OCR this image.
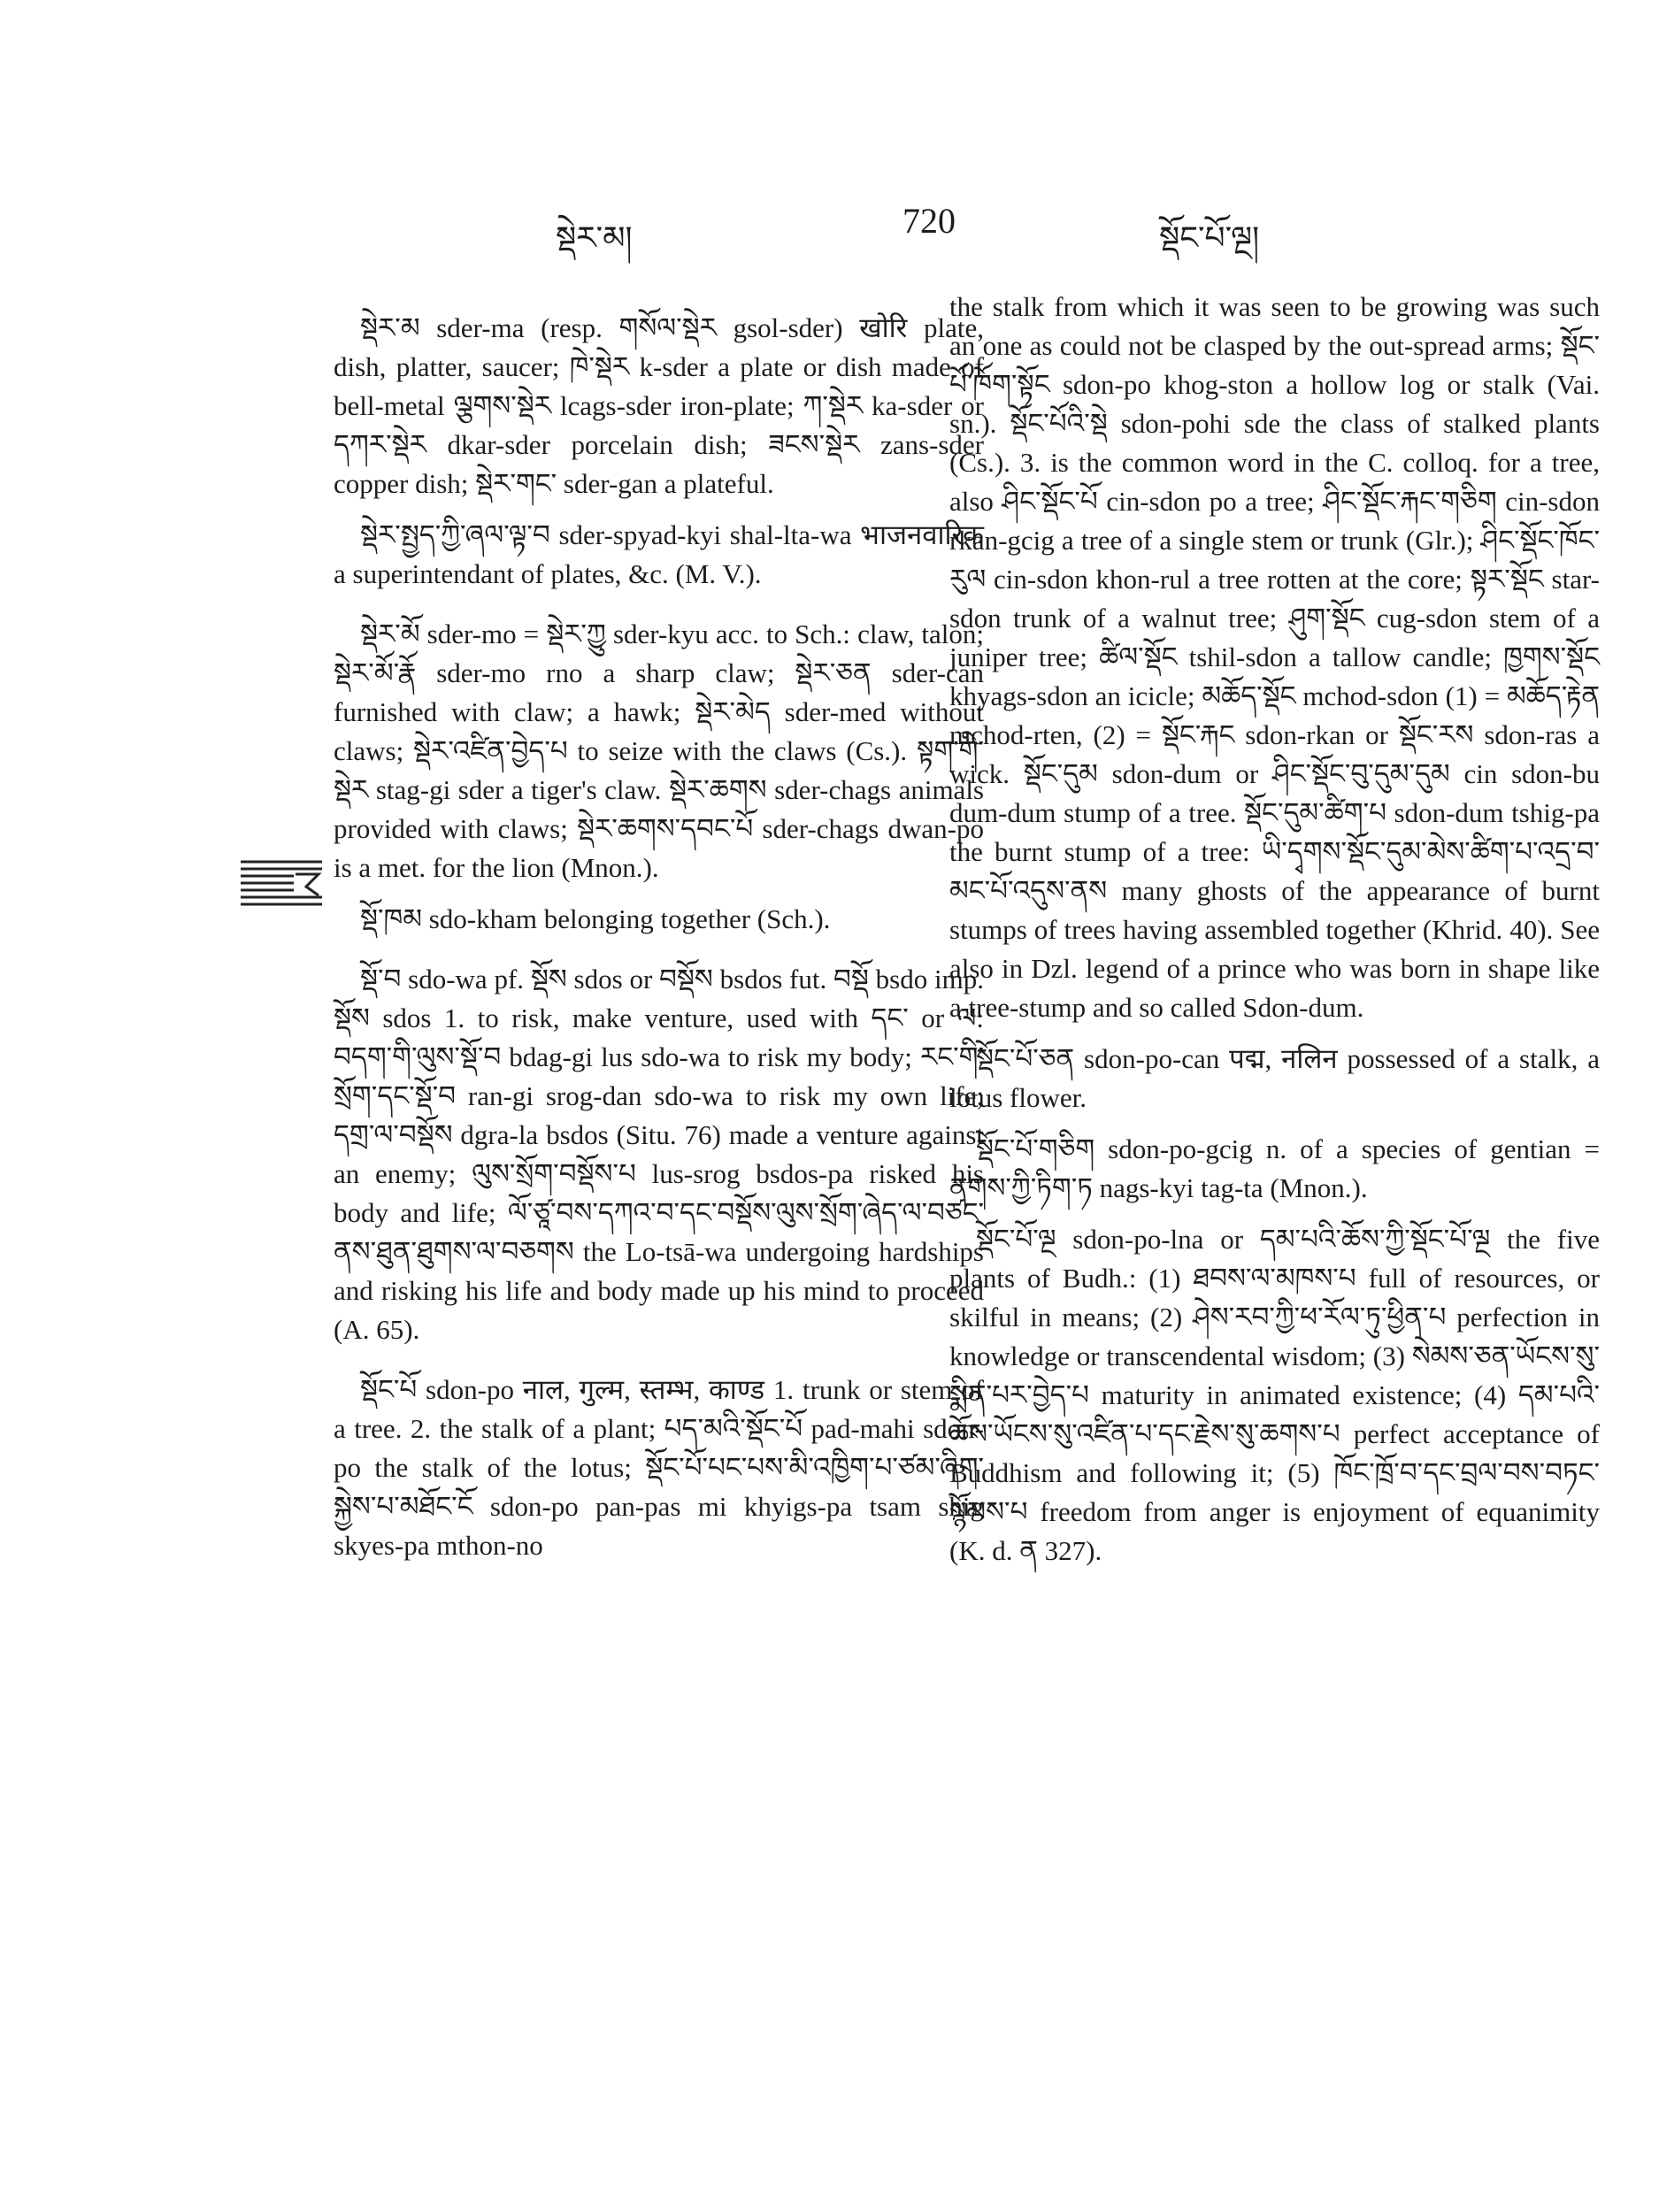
སྡེར་མ།	720	སྡོང་པོ་ལྔ།

སྡེར་མ sder-ma (resp. གསོལ་སྡེར gsol-sder) खोरि plate, dish, platter, saucer; ཁེ་སྡེར k-sder a plate or dish made of bell-metal ལྕགས་སྡེར lcags-sder iron-plate; ཀ་སྡེར ka-sder or དཀར་སྡེར dkar-sder porcelain dish; ཟངས་སྡེར zans-sder copper dish; སྡེར་གང་ sder-gan a plateful.

སྡེར་སྤྱད་ཀྱི་ཞལ་ལྟ་བ sder-spyad-kyi shal-lta-wa भाजनवारिक a superintendant of plates, &c. (M. V.).

སྡེར་མོ sder-mo = སྡེར་ཀྱུ sder-kyu acc. to Sch.: claw, talon; སྡེར་མོ་རྣོ sder-mo rno a sharp claw; སྡེར་ཅན sder-can furnished with claw; a hawk; སྡེར་མེད sder-med without claws; སྡེར་འཛིན་བྱེད་པ to seize with the claws (Cs.). སྟག་གི་སྡེར stag-gi sder a tiger's claw. སྡེར་ཆགས sder-chags animals provided with claws; སྡེར་ཆགས་དབང་པོ sder-chags dwan-po is a met. for the lion (Mnon.).

སྡོ་ཁམ sdo-kham belonging together (Sch.).

སྡོ་བ sdo-wa pf. སྡོས sdos or བསྡོས bsdos fut. བསྡོ bsdo imp. སྡོས sdos 1. to risk, make venture, used with དང་ or ལ: བདག་གི་ལུས་སྡོ་བ bdag-gi lus sdo-wa to risk my body; རང་གི་སྲོག་དང་སྡོ་བ ran-gi srog-dan sdo-wa to risk my own life; དགྲ་ལ་བསྡོས dgra-la bsdos (Situ. 76) made a venture against an enemy; ལུས་སྲོག་བསྡོས་པ lus-srog bsdos-pa risked his body and life; ལོ་ཙཱ་བས་དཀའ་བ་དང་བསྡོས་ལུས་སྲོག་ཞེད་ལ་བཙང་ནས་ཐུན་ཐུགས་ལ་བཅགས the Lo-tsā-wa undergoing hardships and risking his life and body made up his mind to proceed (A. 65).

སྡོང་པོ sdon-po नाल, गुल्म, स्तम्भ, काण्ड 1. trunk or stem of a tree. 2. the stalk of a plant; པད་མའི་སྡོང་པོ pad-mahi sdon-po the stalk of the lotus; སྡོང་པོ་པང་པས་མི་འཁྱིག་པ་ཙམ་ཞིག་སྐྱེས་པ་མཐོང་ངོ sdon-po pan-pas mi khyigs-pa tsam shig skyes-pa mthon-no

the stalk from which it was seen to be growing was such an one as could not be clasped by the out-spread arms; སྡོང་པོ་ཁོག་སྟོང sdon-po khog-ston a hollow log or stalk (Vai. sn.). སྡོང་པོའི་སྡེ sdon-pohi sde the class of stalked plants (Cs.). 3. is the common word in the C. colloq. for a tree, also ཤིང་སྡོང་པོ cin-sdon po a tree; ཤིང་སྡོང་རྐང་གཅིག cin-sdon rkan-gcig a tree of a single stem or trunk (Glr.); ཤིང་སྡོང་ཁོང་རུལ cin-sdon khon-rul a tree rotten at the core; སྟར་སྡོང star-sdon trunk of a walnut tree; ཤུག་སྡོང cug-sdon stem of a juniper tree; ཚིལ་སྡོང tshil-sdon a tallow candle; ཁྱགས་སྡོང khyags-sdon an icicle; མཆོད་སྡོང mchod-sdon (1) = མཆོད་རྟེན mchod-rten, (2) = སྡོང་རྐང sdon-rkan or སྡོང་རས sdon-ras a wick. སྡོང་དུམ sdon-dum or ཤིང་སྡོང་བུ་དུམ་དུམ cin sdon-bu dum-dum stump of a tree. སྡོང་དུམ་ཚིག་པ sdon-dum tshig-pa the burnt stump of a tree: ཡི་དྭགས་སྡོང་དུམ་མེས་ཚིག་པ་འདྲ་བ་མང་པོ་འདུས་ནས many ghosts of the appearance of burnt stumps of trees having assembled together (Khrid. 40). See also in Dzl. legend of a prince who was born in shape like a tree-stump and so called Sdon-dum.

སྡོང་པོ་ཅན sdon-po-can पद्म, नलिन possessed of a stalk, a lotus flower.

སྡོང་པོ་གཅིག sdon-po-gcig n. of a species of gentian = ནགས་ཀྱི་ཏིག་ཏ nags-kyi tag-ta (Mnon.).

སྡོང་པོ་ལྔ sdon-po-lna or དམ་པའི་ཆོས་ཀྱི་སྡོང་པོ་ལྔ the five plants of Budh.: (1) ཐབས་ལ་མཁས་པ full of resources, or skilful in means; (2) ཤེས་རབ་ཀྱི་ཕ་རོལ་ཏུ་ཕྱིན་པ perfection in knowledge or transcendental wisdom; (3) སེམས་ཅན་ཡོངས་སུ་སྨིན་པར་བྱེད་པ maturity in animated existence; (4) དམ་པའི་ཆོས་ཡོངས་སུ་འཛིན་པ་དང་རྗེས་སུ་ཆགས་པ perfect acceptance of Buddhism and following it; (5) ཁོང་ཁྲོ་བ་དང་བྲལ་བས་བཏང་སྙོམས་པ freedom from anger is enjoyment of equanimity (K. d. ན 327).
